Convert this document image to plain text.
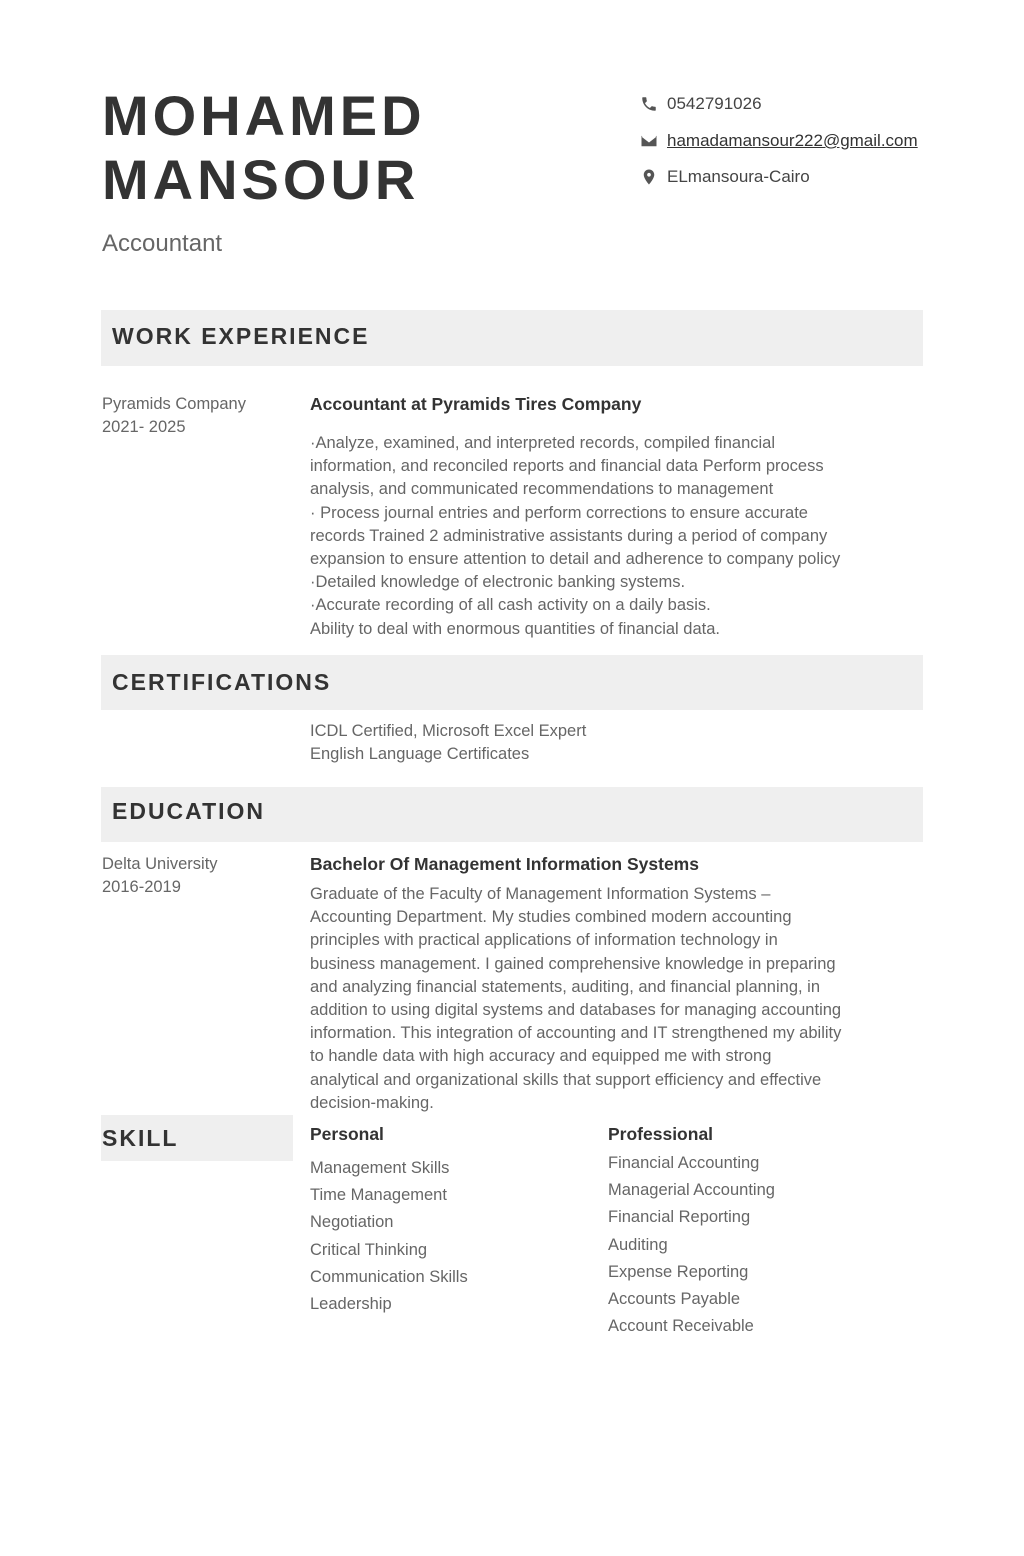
MOHAMED
MANSOUR
Accountant
0542791026
hamadamansour222@gmail.com
ELmansoura-Cairo
WORK EXPERIENCE
Pyramids Company
2021- 2025
Accountant at Pyramids Tires Company
·Analyze, examined, and interpreted records, compiled financial
information, and reconciled reports and financial data Perform process
analysis, and communicated recommendations to management
· Process journal entries and perform corrections to ensure accurate
records Trained 2 administrative assistants during a period of company
expansion to ensure attention to detail and adherence to company policy
·Detailed knowledge of electronic banking systems.
·Accurate recording of all cash activity on a daily basis.
Ability to deal with enormous quantities of financial data.
CERTIFICATIONS
ICDL Certified, Microsoft Excel Expert
English Language Certificates
EDUCATION
Delta University
2016-2019
Bachelor Of Management Information Systems
Graduate of the Faculty of Management Information Systems –
Accounting Department. My studies combined modern accounting
principles with practical applications of information technology in
business management. I gained comprehensive knowledge in preparing
and analyzing financial statements, auditing, and financial planning, in
addition to using digital systems and databases for managing accounting
information. This integration of accounting and IT strengthened my ability
to handle data with high accuracy and equipped me with strong
analytical and organizational skills that support efficiency and effective
decision-making.
SKILL	Personal
Management Skills
Time Management
Negotiation
Critical Thinking
Communication Skills
Leadership
Professional
Financial Accounting
Managerial Accounting
Financial Reporting
Auditing
Expense Reporting
Accounts Payable
Account Receivable
